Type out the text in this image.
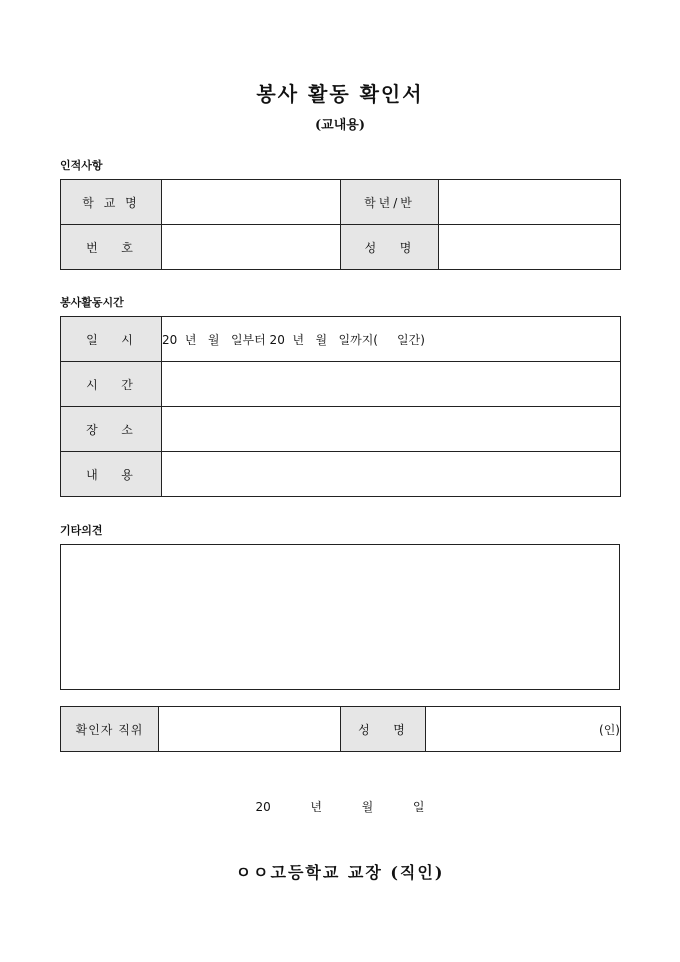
봉사 활동 확인서
(교내용)
인적사항
학 교 명		학년/반	
번   호		성   명	
봉사활동시간
일   시	20  년   월   일부터 20  년   월   일까지(     일간)
시   간	
장   소	
내   용	
기타의견
확인자 직위		성   명	(인)
20  년  월  일
ㅇㅇ고등학교 교장 (직인)
